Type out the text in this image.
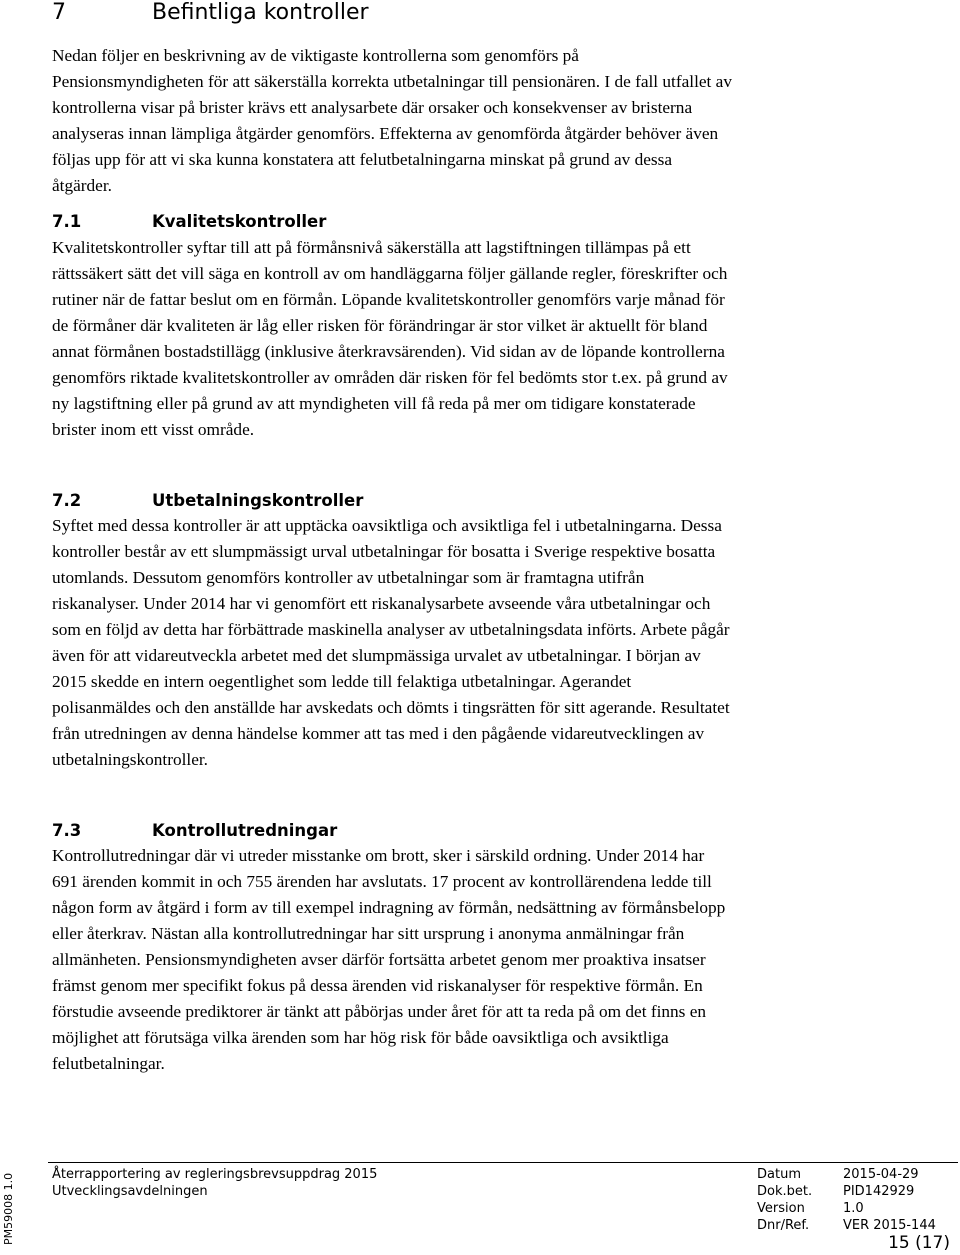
7	Befintliga kontroller

Nedan följer en beskrivning av de viktigaste kontrollerna som genomförs på Pensionsmyndigheten för att säkerställa korrekta utbetalningar till pensionären. I de fall utfallet av kontrollerna visar på brister krävs ett analysarbete där orsaker och konsekvenser av bristerna analyseras innan lämpliga åtgärder genomförs. Effekterna av genomförda åtgärder behöver även följas upp för att vi ska kunna konstatera att felutbetalningarna minskat på grund av dessa åtgärder.

7.1	Kvalitetskontroller

Kvalitetskontroller syftar till att på förmånsnivå säkerställa att lagstiftningen tillämpas på ett rättssäkert sätt det vill säga en kontroll av om handläggarna följer gällande regler, föreskrifter och rutiner när de fattar beslut om en förmån. Löpande kvalitetskontroller genomförs varje månad för de förmåner där kvaliteten är låg eller risken för förändringar är stor vilket är aktuellt för bland annat förmånen bostadstillägg (inklusive återkravsärenden). Vid sidan av de löpande kontrollerna genomförs riktade kvalitetskontroller av områden där risken för fel bedömts stor t.ex. på grund av ny lagstiftning eller på grund av att myndigheten vill få reda på mer om tidigare konstaterade brister inom ett visst område.

7.2	Utbetalningskontroller

Syftet med dessa kontroller är att upptäcka oavsiktliga och avsiktliga fel i utbetalningarna. Dessa kontroller består av ett slumpmässigt urval utbetalningar för bosatta i Sverige respektive bosatta utomlands. Dessutom genomförs kontroller av utbetalningar som är framtagna utifrån riskanalyser. Under 2014 har vi genomfört ett riskanalysarbete avseende våra utbetalningar och som en följd av detta har förbättrade maskinella analyser av utbetalningsdata införts. Arbete pågår även för att vidareutveckla arbetet med det slumpmässiga urvalet av utbetalningar. I början av 2015 skedde en intern oegentlighet som ledde till felaktiga utbetalningar. Agerandet polisanmäldes och den anställde har avskedats och dömts i tingsrätten för sitt agerande. Resultatet från utredningen av denna händelse kommer att tas med i den pågående vidareutvecklingen av utbetalningskontroller.

7.3	Kontrollutredningar

Kontrollutredningar där vi utreder misstanke om brott, sker i särskild ordning. Under 2014 har 691 ärenden kommit in och 755 ärenden har avslutats. 17 procent av kontrollärendena ledde till någon form av åtgärd i form av till exempel indragning av förmån, nedsättning av förmånsbelopp eller återkrav. Nästan alla kontrollutredningar har sitt ursprung i anonyma anmälningar från allmänheten. Pensionsmyndigheten avser därför fortsätta arbetet genom mer proaktiva insatser främst genom mer specifikt fokus på dessa ärenden vid riskanalyser för respektive förmån. En förstudie avseende prediktorer är tänkt att påbörjas under året för att ta reda på om det finns en möjlighet att förutsäga vilka ärenden som har hög risk för både oavsiktliga och avsiktliga felutbetalningar.

PM59008 1.0	Återrapportering av regleringsbrevsuppdrag 2015
Utvecklingsavdelningen
Datum	2015-04-29
Dok.bet.	PID142929
Version	1.0
Dnr/Ref.	VER 2015-144
15 (17)
